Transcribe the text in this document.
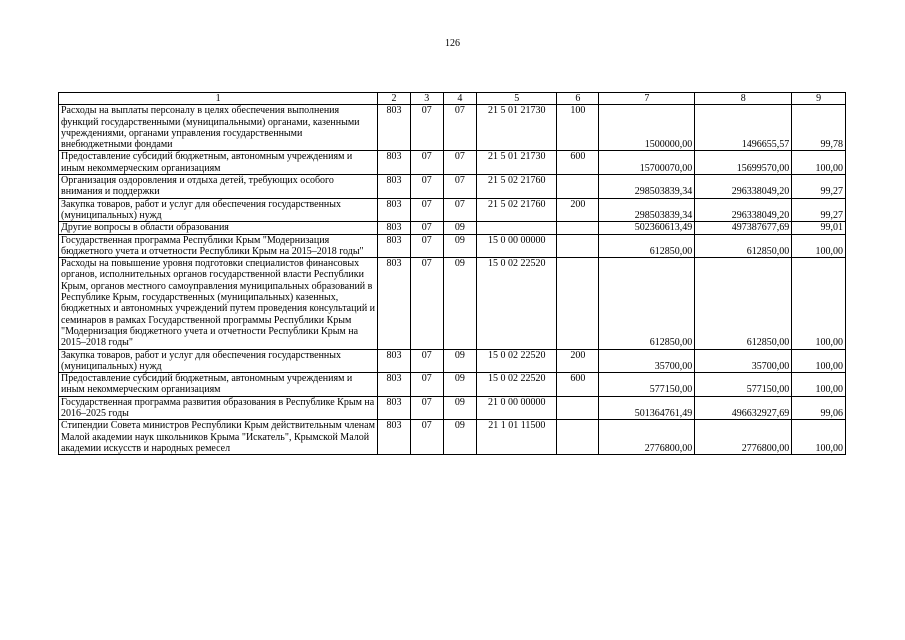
126
1	2	3	4	5	6	7	8	9
Расходы на выплаты персоналу в целях обеспечения выполнения функций государственными (муниципальными) органами, казенными учреждениями, органами управления государственными внебюджетными фондами	803	07	07	21 5 01 21730	100	1500000,00	1496655,57	99,78
Предоставление субсидий бюджетным, автономным учреждениям и иным некоммерческим организациям	803	07	07	21 5 01 21730	600	15700070,00	15699570,00	100,00
Организация оздоровления и отдыха детей, требующих особого внимания и поддержки	803	07	07	21 5 02 21760		298503839,34	296338049,20	99,27
Закупка товаров, работ и услуг для обеспечения государственных (муниципальных) нужд	803	07	07	21 5 02 21760	200	298503839,34	296338049,20	99,27
Другие вопросы в области образования	803	07	09			502360613,49	497387677,69	99,01
Государственная программа Республики Крым "Модернизация бюджетного учета и отчетности Республики Крым на 2015–2018 годы"	803	07	09	15 0 00 00000		612850,00	612850,00	100,00
Расходы на повышение уровня подготовки специалистов финансовых органов, исполнительных органов государственной власти Республики Крым, органов местного самоуправления муниципальных образований в Республике Крым, государственных (муниципальных) казенных, бюджетных и автономных учреждений путем проведения консультаций и семинаров в рамках Государственной программы Республики Крым "Модернизация бюджетного учета и отчетности Республики Крым на 2015–2018 годы"	803	07	09	15 0 02 22520		612850,00	612850,00	100,00
Закупка товаров, работ и услуг для обеспечения государственных (муниципальных) нужд	803	07	09	15 0 02 22520	200	35700,00	35700,00	100,00
Предоставление субсидий бюджетным, автономным учреждениям и иным некоммерческим организациям	803	07	09	15 0 02 22520	600	577150,00	577150,00	100,00
Государственная программа развития образования в Республике Крым на 2016–2025 годы	803	07	09	21 0 00 00000		501364761,49	496632927,69	99,06
Стипендии Совета министров Республики Крым действительным членам Малой академии наук школьников Крыма "Искатель", Крымской Малой академии искусств и народных ремесел	803	07	09	21 1 01 11500		2776800,00	2776800,00	100,00
